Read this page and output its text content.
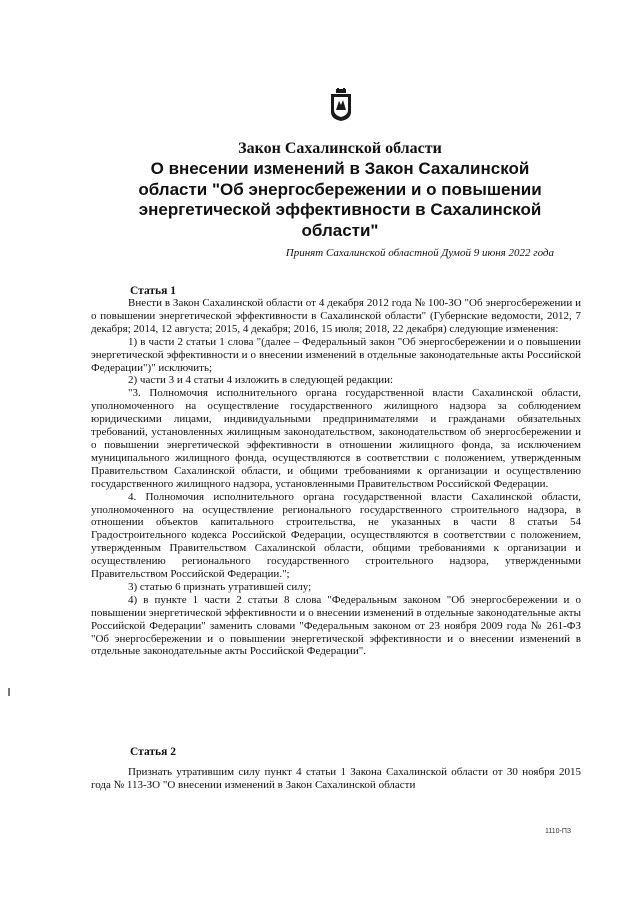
Закон Сахалинской области
О внесении изменений в Закон Сахалинской
области "Об энергосбережении и о повышении
энергетической эффективности в Сахалинской
области"
Принят Сахалинской областной Думой 9 июня 2022 года
Статья 1

Внести в Закон Сахалинской области от 4 декабря 2012 года № 100-ЗО "Об энергосбережении и о повышении энергетической эффективности в Сахалинской области" (Губернские ведомости, 2012, 7 декабря; 2014, 12 августа; 2015, 4 декабря; 2016, 15 июля; 2018, 22 декабря) следующие изменения:

1) в части 2 статьи 1 слова "(далее – Федеральный закон "Об энергосбережении и о повышении энергетической эффективности и о внесении изменений в отдельные законодательные акты Российской Федерации")" исключить;

2) части 3 и 4 статьи 4 изложить в следующей редакции:

"3. Полномочия исполнительного органа государственной власти Сахалинской области, уполномоченного на осуществление государственного жилищного надзора за соблюдением юридическими лицами, индивидуальными предпринимателями и гражданами обязательных требований, установленных жилищным законодательством, законодательством об энергосбережении и о повышении энергетической эффективности в отношении жилищного фонда, за исключением муниципального жилищного фонда, осуществляются в соответствии с положением, утвержденным Правительством Сахалинской области, и общими требованиями к организации и осуществлению государственного жилищного надзора, установленными Правительством Российской Федерации.

4. Полномочия исполнительного органа государственной власти Сахалинской области, уполномоченного на осуществление регионального государственного строительного надзора, в отношении объектов капитального строительства, не указанных в части 8 статьи 54 Градостроительного кодекса Российской Федерации, осуществляются в соответствии с положением, утвержденным Правительством Сахалинской области, общими требованиями к организации и осуществлению регионального государственного строительного надзора, утвержденными Правительством Российской Федерации.";

3) статью 6 признать утратившей силу;

4) в пункте 1 части 2 статьи 8 слова "Федеральным законом "Об энергосбережении и о повышении энергетической эффективности и о внесении изменений в отдельные законодательные акты Российской Федерации" заменить словами "Федеральным законом от 23 ноября 2009 года № 261-ФЗ "Об энергосбережении и о повышении энергетической эффективности и о внесении изменений в отдельные законодательные акты Российской Федерации".

Статья 2

Признать утратившим силу пункт 4 статьи 1 Закона Сахалинской области от 30 ноября 2015 года № 113-ЗО "О внесении изменений в Закон Сахалинской области

1110-ПЗ
